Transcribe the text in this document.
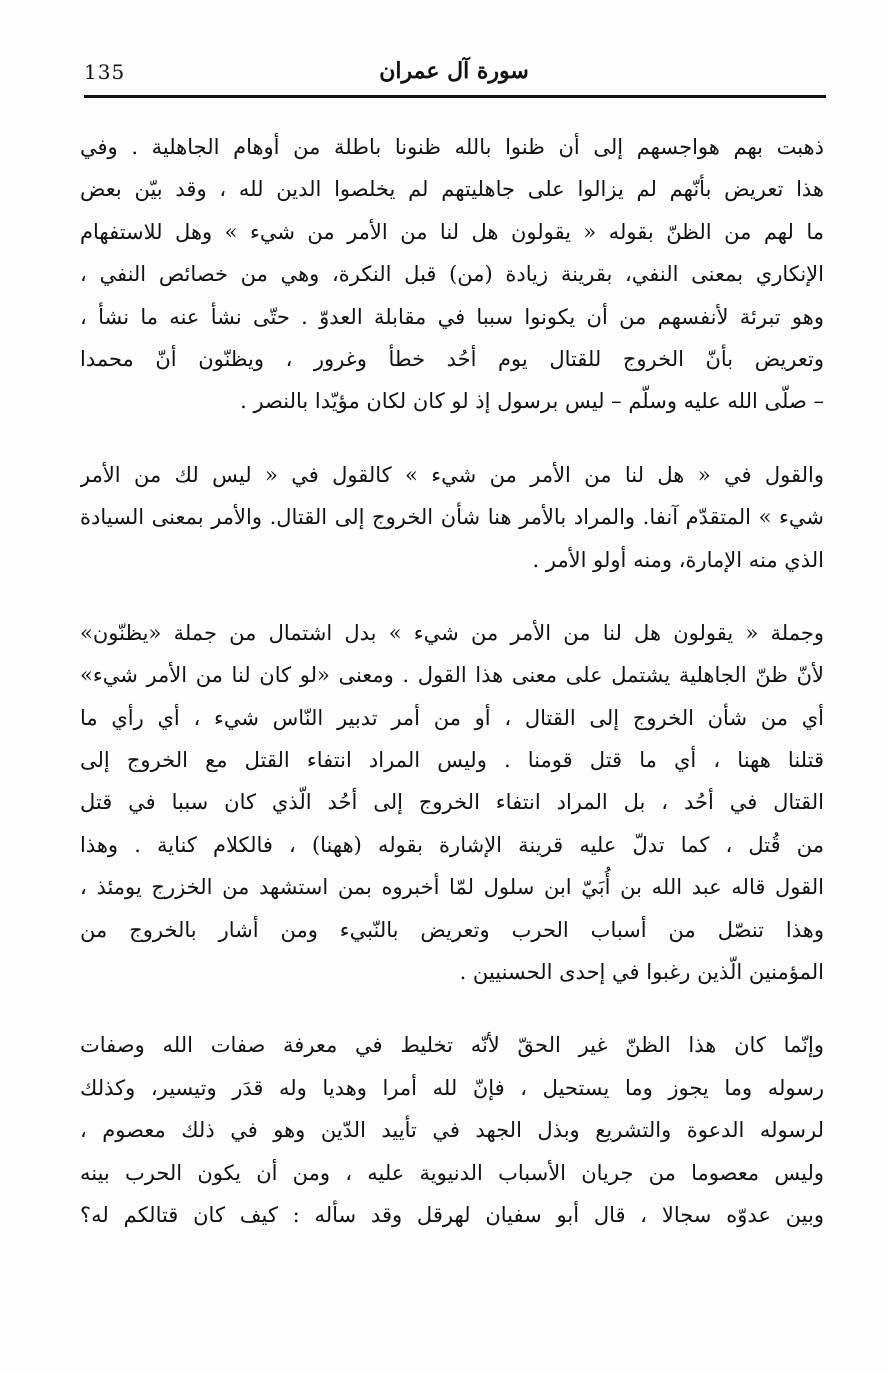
135	سورة آل عمران
ذهبت بهم هواجسهم إلى أن ظنوا بالله ظنونا باطلة من أوهام الجاهلية . وفي
هذا تعريض بأنّهم لم يزالوا على جاهليتهم لم يخلصوا الدين لله ، وقد بيّن بعض
ما لهم من الظنّ بقوله « يقولون هل لنا من الأمر من شيء » وهل للاستفهام
الإنكاري بمعنى النفي، بقرينة زيادة (من) قبل النكرة، وهي من خصائص النفي ،
وهو تبرئة لأنفسهم من أن يكونوا سببا في مقابلة العدوّ . حتّى نشأ عنه ما نشأ ،
وتعريض بأنّ الخروج للقتال يوم أحُد خطأ وغرور ، ويظنّون أنّ محمدا
– صلّى الله عليه وسلّم – ليس برسول إذ لو كان لكان مؤيّدا بالنصر .
والقول في « هل لنا من الأمر من شيء » كالقول في « ليس لك من الأمر
شيء » المتقدّم آنفا. والمراد بالأمر هنا شأن الخروج إلى القتال. والأمر بمعنى السيادة
الذي منه الإمارة، ومنه أولو الأمر .
وجملة « يقولون هل لنا من الأمر من شيء » بدل اشتمال من جملة «يظنّون»
لأنّ ظنّ الجاهلية يشتمل على معنى هذا القول . ومعنى «لو كان لنا من الأمر شيء»
أي من شأن الخروج إلى القتال ، أو من أمر تدبير النّاس شيء ، أي رأي ما
قتلنا ههنا ، أي ما قتل قومنا . وليس المراد انتفاء القتل مع الخروج إلى
القتال في أحُد ، بل المراد انتفاء الخروج إلى أحُد الّذي كان سببا في قتل
من قُتل ، كما تدلّ عليه قرينة الإشارة بقوله (ههنا) ، فالكلام كناية . وهذا
القول قاله عبد الله بن أُبَيّ ابن سلول لمّا أخبروه بمن استشهد من الخزرج يومئذ ،
وهذا تنصّل من أسباب الحرب وتعريض بالنّبيء ومن أشار بالخروج من
المؤمنين الّذين رغبوا في إحدى الحسنيين .
وإنّما كان هذا الظنّ غير الحقّ لأنّه تخليط في معرفة صفات الله وصفات
رسوله وما يجوز وما يستحيل ، فإنّ لله أمرا وهديا وله قدَر وتيسير، وكذلك
لرسوله الدعوة والتشريع وبذل الجهد في تأييد الدّين وهو في ذلك معصوم ،
وليس معصوما من جريان الأسباب الدنيوية عليه ، ومن أن يكون الحرب بينه
وبين عدوّه سجالا ، قال أبو سفيان لهرقل وقد سأله : كيف كان قتالكم له؟
